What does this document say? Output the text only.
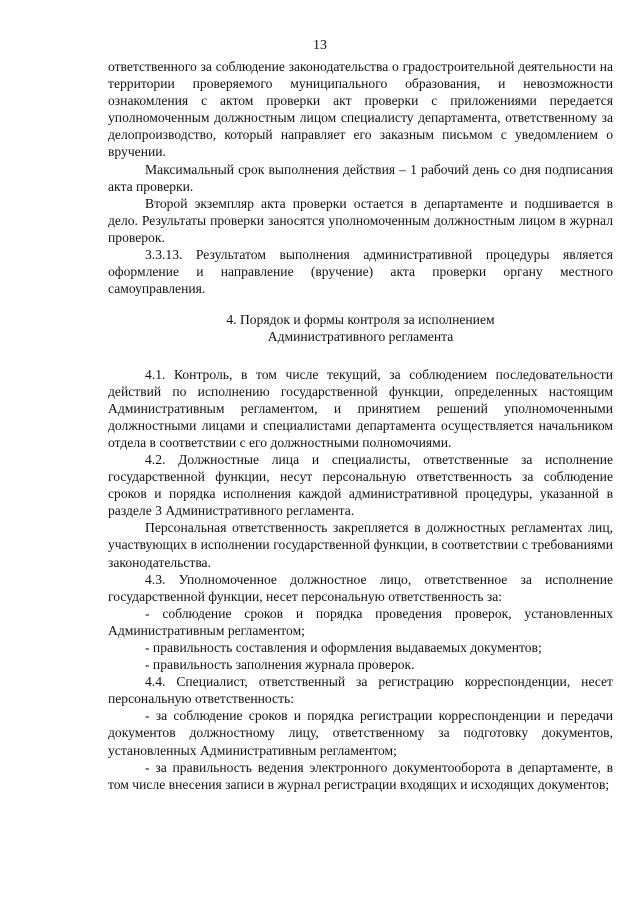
13

ответственного за соблюдение законодательства о градостроительной деятельности на территории проверяемого муниципального образования, и невозможности ознакомления с актом проверки акт проверки с приложениями передается уполномоченным должностным лицом специалисту департамента, ответственному за делопроизводство, который направляет его заказным письмом с уведомлением о вручении.

Максимальный срок выполнения действия – 1 рабочий день со дня подписания акта проверки.

Второй экземпляр акта проверки остается в департаменте и подшивается в дело. Результаты проверки заносятся уполномоченным должностным лицом в журнал проверок.

3.3.13. Результатом выполнения административной процедуры является оформление и направление (вручение) акта проверки органу местного самоуправления.

4. Порядок и формы контроля за исполнением
Административного регламента

4.1. Контроль, в том числе текущий, за соблюдением последовательности действий по исполнению государственной функции, определенных настоящим Административным регламентом, и принятием решений уполномоченными должностными лицами и специалистами департамента осуществляется начальником отдела в соответствии с его должностными полномочиями.

4.2. Должностные лица и специалисты, ответственные за исполнение государственной функции, несут персональную ответственность за соблюдение сроков и порядка исполнения каждой административной процедуры, указанной в разделе 3 Административного регламента.

Персональная ответственность закрепляется в должностных регламентах лиц, участвующих в исполнении государственной функции, в соответствии с требованиями законодательства.

4.3. Уполномоченное должностное лицо, ответственное за исполнение государственной функции, несет персональную ответственность за:

- соблюдение сроков и порядка проведения проверок, установленных Административным регламентом;

- правильность составления и оформления выдаваемых документов;

- правильность заполнения журнала проверок.

4.4. Специалист, ответственный за регистрацию корреспонденции, несет персональную ответственность:

- за соблюдение сроков и порядка регистрации корреспонденции и передачи документов должностному лицу, ответственному за подготовку документов, установленных Административным регламентом;

- за правильность ведения электронного документооборота в департаменте, в том числе внесения записи в журнал регистрации входящих и исходящих документов;
